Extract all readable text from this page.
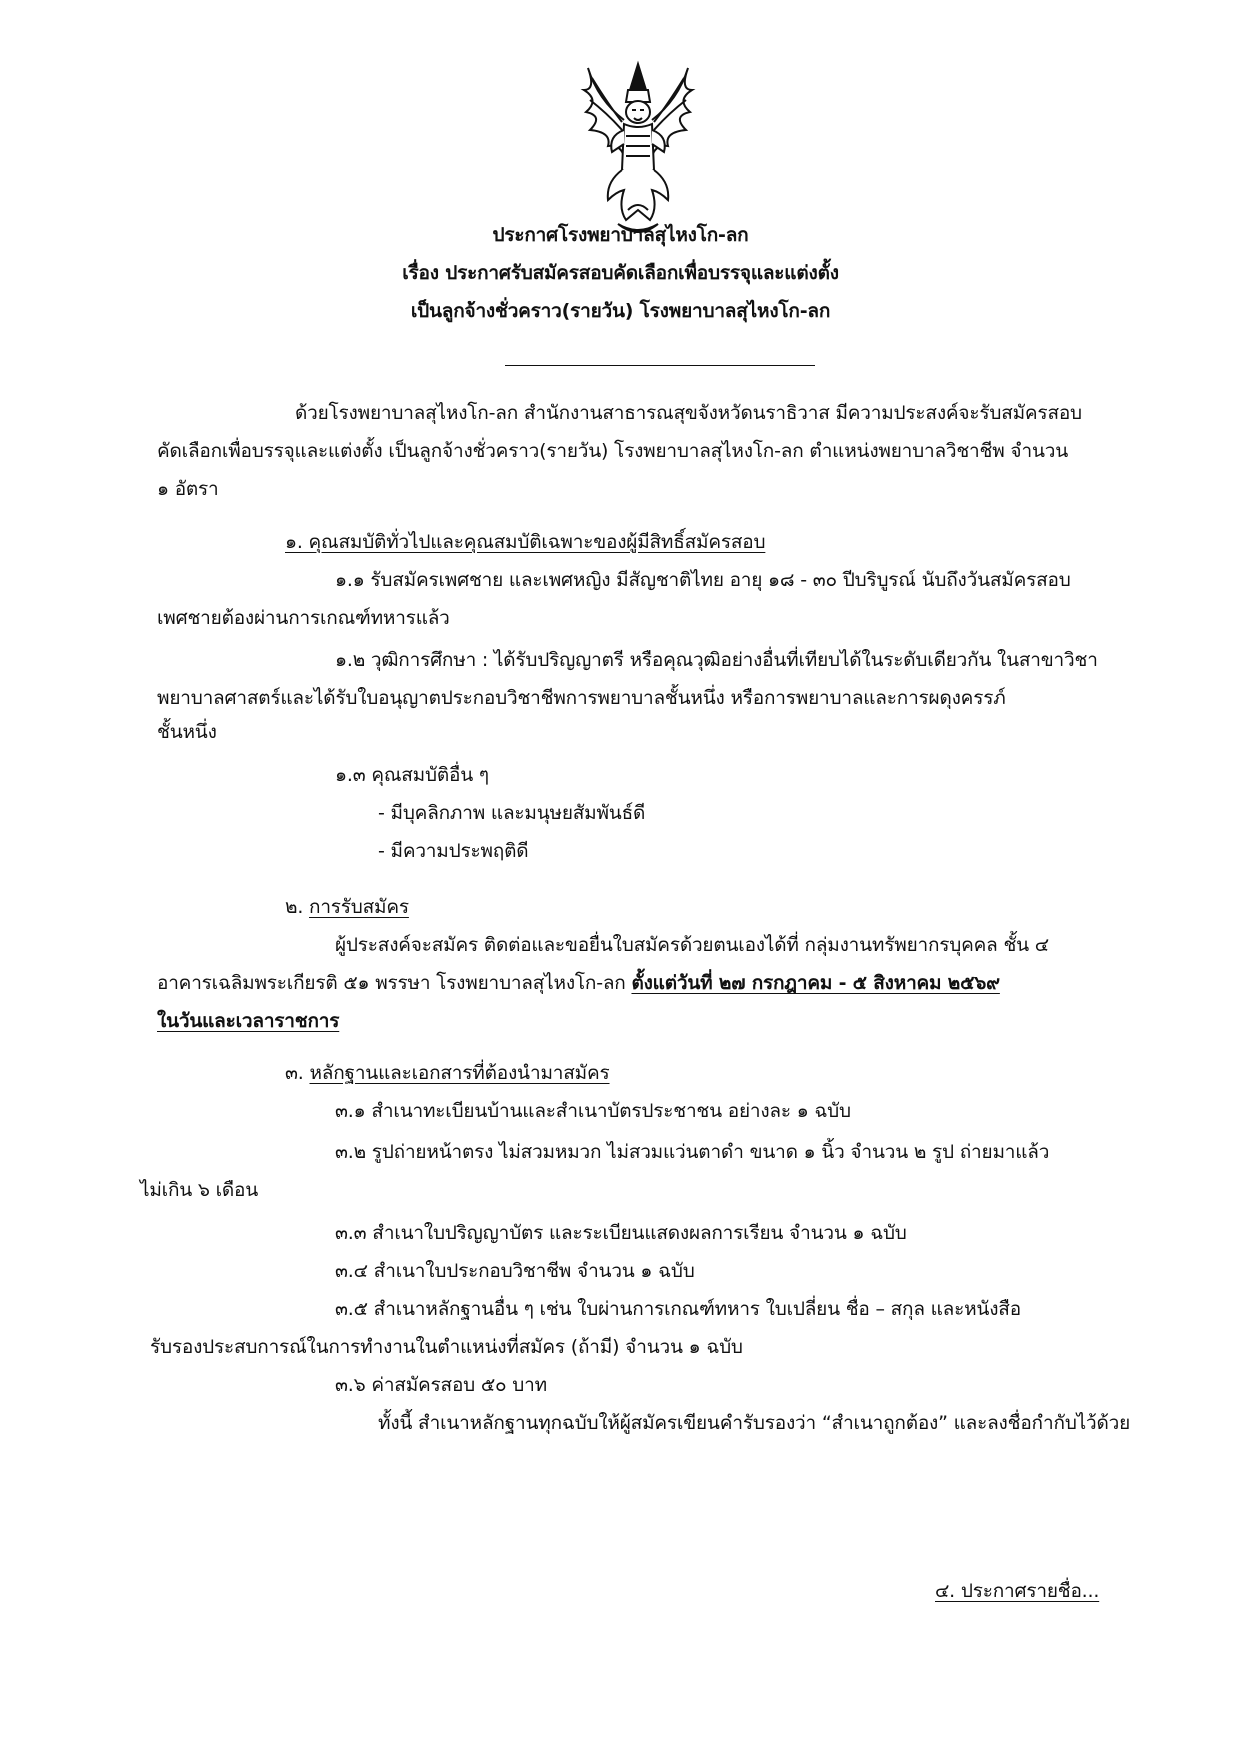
ประกาศโรงพยาบาลสุไหงโก-ลก
เรื่อง ประกาศรับสมัครสอบคัดเลือกเพื่อบรรจุและแต่งตั้ง
เป็นลูกจ้างชั่วคราว(รายวัน) โรงพยาบาลสุไหงโก-ลก
ด้วยโรงพยาบาลสุไหงโก-ลก สำนักงานสาธารณสุขจังหวัดนราธิวาส มีความประสงค์จะรับสมัครสอบ
คัดเลือกเพื่อบรรจุและแต่งตั้ง เป็นลูกจ้างชั่วคราว(รายวัน) โรงพยาบาลสุไหงโก-ลก ตำแหน่งพยาบาลวิชาชีพ จำนวน
๑ อัตรา
๑. คุณสมบัติทั่วไปและคุณสมบัติเฉพาะของผู้มีสิทธิ์สมัครสอบ
๑.๑ รับสมัครเพศชาย และเพศหญิง มีสัญชาติไทย อายุ ๑๘ - ๓๐ ปีบริบูรณ์ นับถึงวันสมัครสอบ
เพศชายต้องผ่านการเกณฑ์ทหารแล้ว
๑.๒ วุฒิการศึกษา : ได้รับปริญญาตรี หรือคุณวุฒิอย่างอื่นที่เทียบได้ในระดับเดียวกัน ในสาขาวิชา
พยาบาลศาสตร์และได้รับใบอนุญาตประกอบวิชาชีพการพยาบาลชั้นหนึ่ง หรือการพยาบาลและการผดุงครรภ์
ชั้นหนึ่ง
๑.๓ คุณสมบัติอื่น ๆ
- มีบุคลิกภาพ และมนุษยสัมพันธ์ดี
- มีความประพฤติดี
๒. การรับสมัคร
ผู้ประสงค์จะสมัคร ติดต่อและขอยื่นใบสมัครด้วยตนเองได้ที่ กลุ่มงานทรัพยากรบุคคล ชั้น ๔
อาคารเฉลิมพระเกียรติ ๕๑ พรรษา โรงพยาบาลสุไหงโก-ลก ตั้งแต่วันที่ ๒๗ กรกฎาคม - ๕ สิงหาคม ๒๕๖๙
ในวันและเวลาราชการ
๓. หลักฐานและเอกสารที่ต้องนำมาสมัคร
๓.๑ สำเนาทะเบียนบ้านและสำเนาบัตรประชาชน อย่างละ ๑ ฉบับ
๓.๒ รูปถ่ายหน้าตรง ไม่สวมหมวก ไม่สวมแว่นตาดำ ขนาด ๑ นิ้ว จำนวน ๒ รูป ถ่ายมาแล้ว
ไม่เกิน ๖ เดือน
๓.๓ สำเนาใบปริญญาบัตร และระเบียนแสดงผลการเรียน จำนวน ๑ ฉบับ
๓.๔ สำเนาใบประกอบวิชาชีพ จำนวน ๑ ฉบับ
๓.๕ สำเนาหลักฐานอื่น ๆ เช่น ใบผ่านการเกณฑ์ทหาร ใบเปลี่ยน ชื่อ – สกุล และหนังสือ
รับรองประสบการณ์ในการทำงานในตำแหน่งที่สมัคร (ถ้ามี) จำนวน ๑ ฉบับ
๓.๖ ค่าสมัครสอบ ๕๐ บาท
ทั้งนี้ สำเนาหลักฐานทุกฉบับให้ผู้สมัครเขียนคำรับรองว่า “สำเนาถูกต้อง” และลงชื่อกำกับไว้ด้วย
๔. ประกาศรายชื่อ...
